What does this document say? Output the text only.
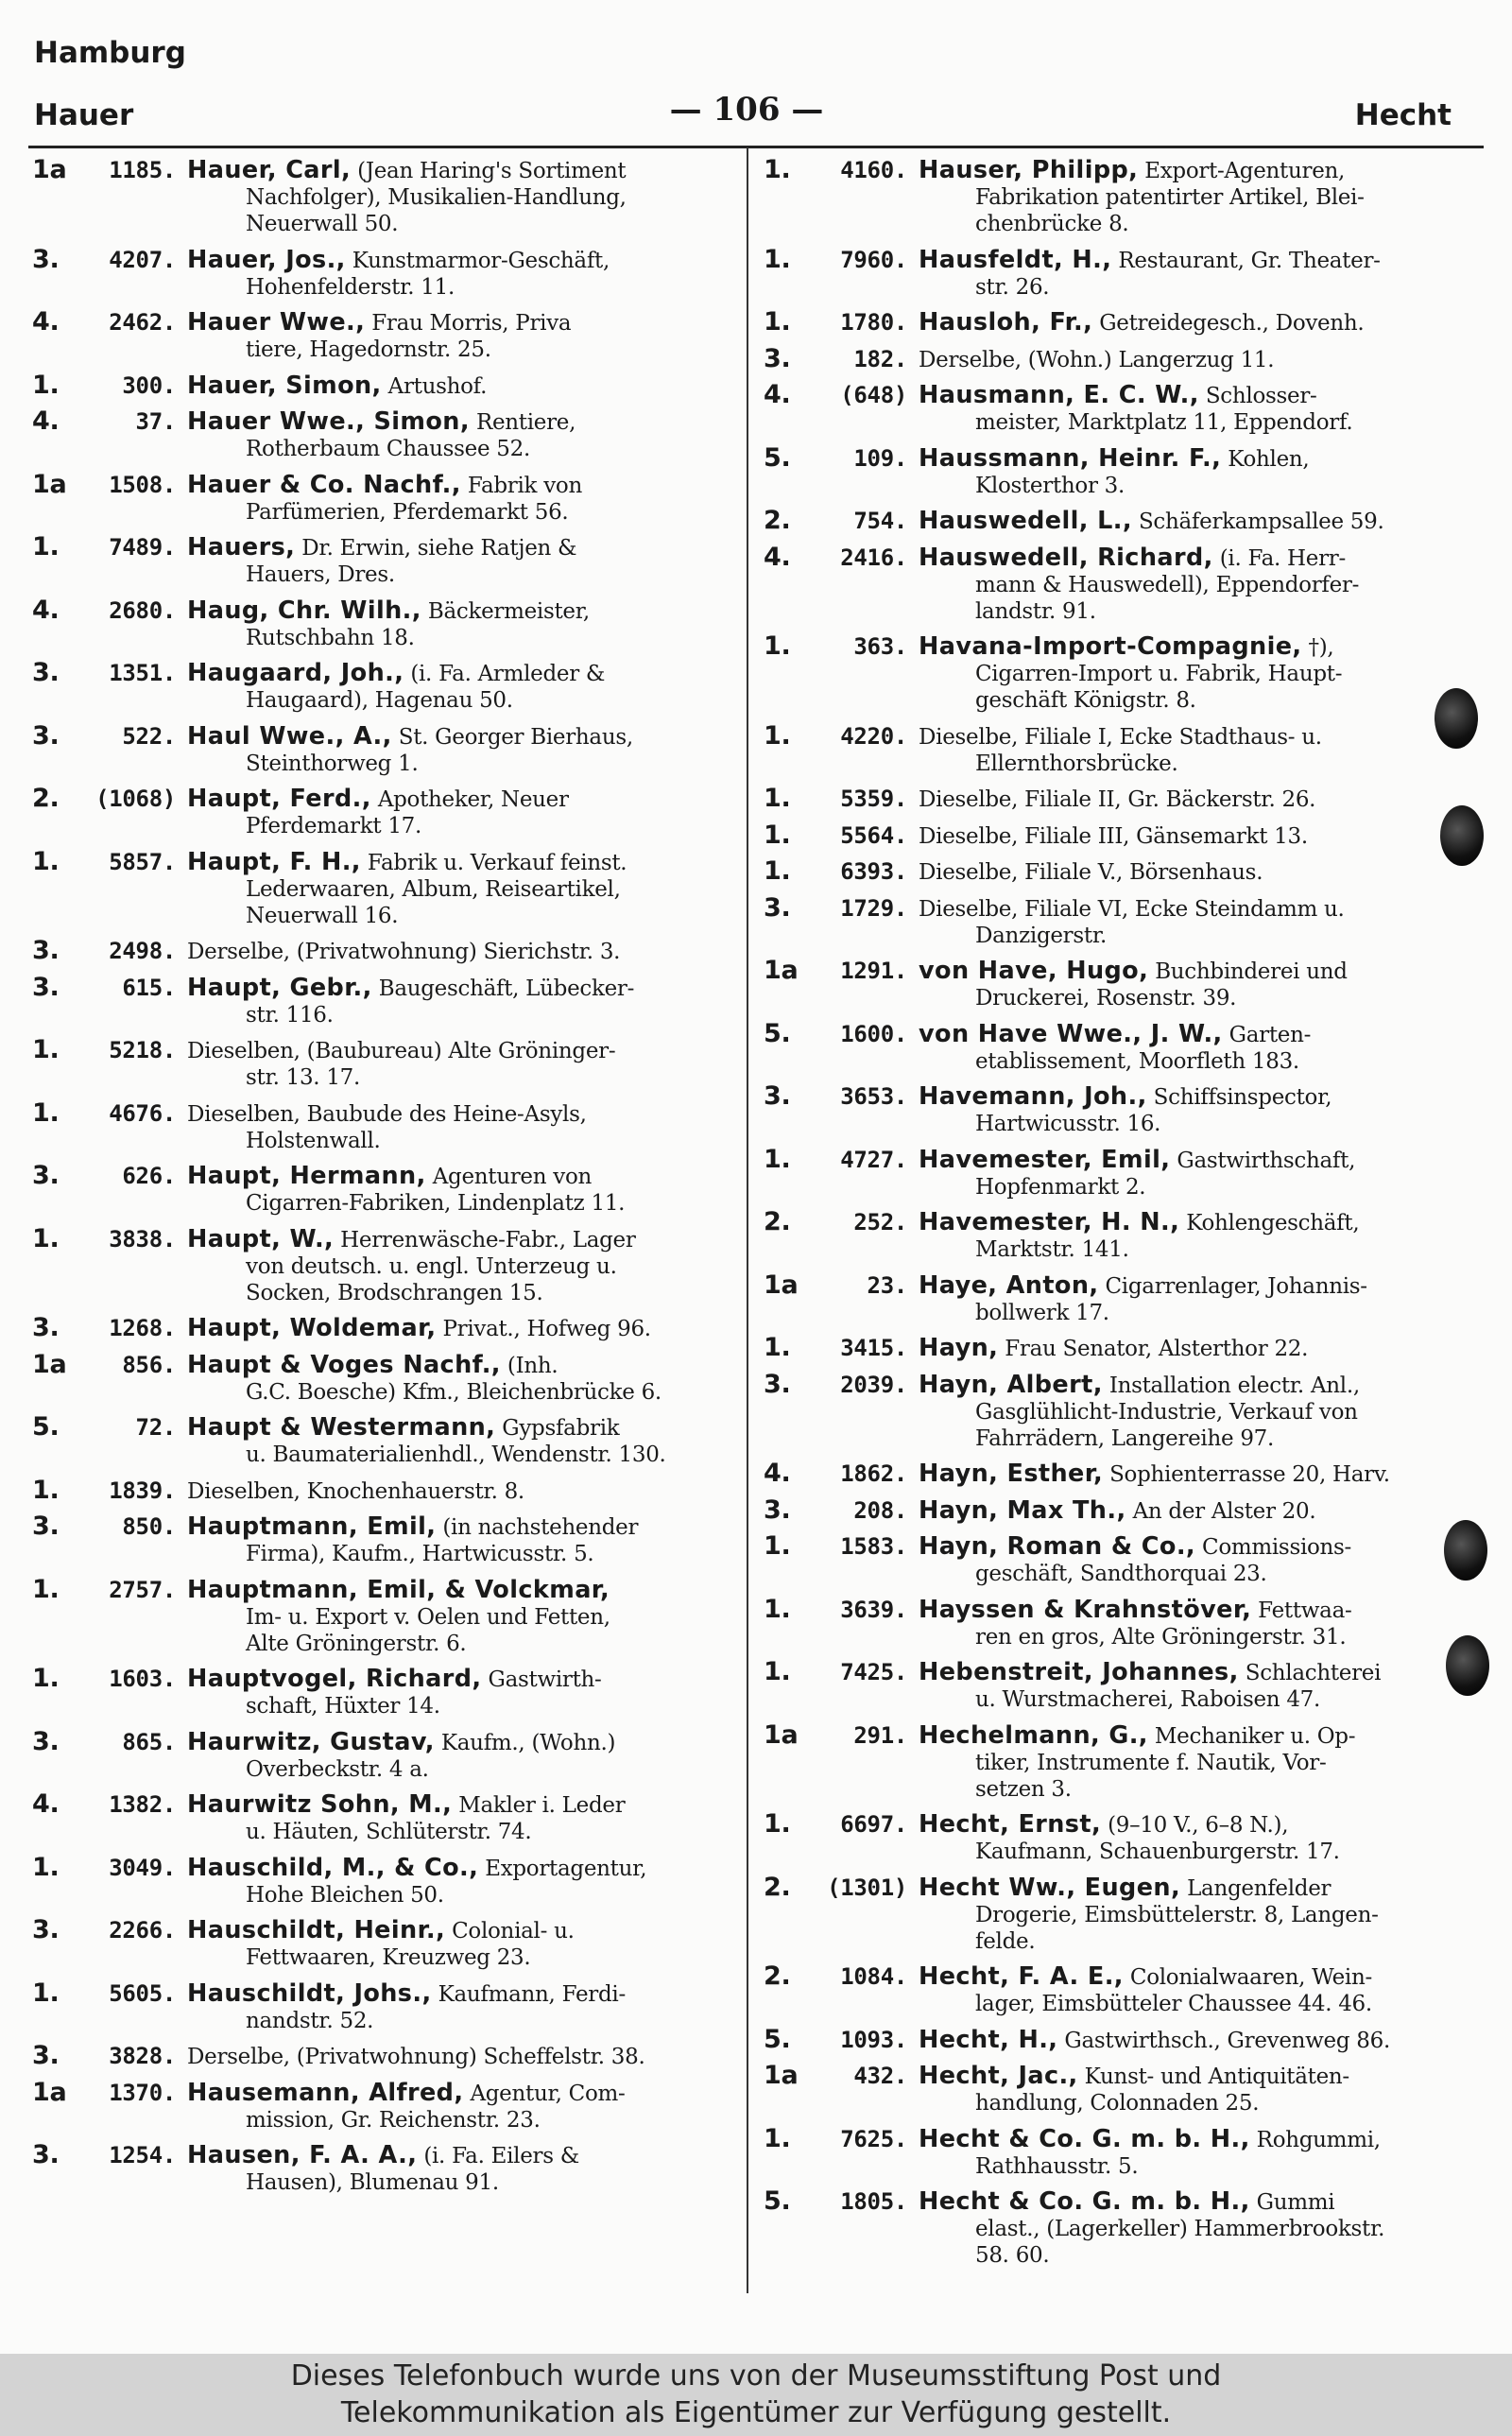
Hamburg
Hauer	— 106 —	Hecht
1a	1185. Hauer, Carl, (Jean Haring's Sortiment
Nachfolger), Musikalien-Handlung,
Neuerwall 50.
3.	4207. Hauer, Jos., Kunstmarmor-Geschäft,
Hohenfelderstr. 11.
4.	2462. Hauer Wwe., Frau Morris, Priva
tiere, Hagedornstr. 25.
1.	300. Hauer, Simon, Artushof.
4.	37. Hauer Wwe., Simon, Rentiere,
Rotherbaum Chaussee 52.
1a	1508. Hauer & Co. Nachf., Fabrik von
Parfümerien, Pferdemarkt 56.
1.	7489. Hauers, Dr. Erwin, siehe Ratjen &
Hauers, Dres.
4.	2680. Haug, Chr. Wilh., Bäckermeister,
Rutschbahn 18.
3.	1351. Haugaard, Joh., (i. Fa. Armleder &
Haugaard), Hagenau 50.
3.	522. Haul Wwe., A., St. Georger Bierhaus,
Steinthorweg 1.
2.	(1068) Haupt, Ferd., Apotheker, Neuer
Pferdemarkt 17.
1.	5857. Haupt, F. H., Fabrik u. Verkauf feinst.
Lederwaaren, Album, Reiseartikel,
Neuerwall 16.
3.	2498. Derselbe, (Privatwohnung) Sierichstr. 3.
3.	615. Haupt, Gebr., Baugeschäft, Lübecker-
str. 116.
1.	5218. Dieselben, (Baubureau) Alte Gröninger-
str. 13. 17.
1.	4676. Dieselben, Baubude des Heine-Asyls,
Holstenwall.
3.	626. Haupt, Hermann, Agenturen von
Cigarren-Fabriken, Lindenplatz 11.
1.	3838. Haupt, W., Herrenwäsche-Fabr., Lager
von deutsch. u. engl. Unterzeug u.
Socken, Brodschrangen 15.
3.	1268. Haupt, Woldemar, Privat., Hofweg 96.
1a	856. Haupt & Voges Nachf., (Inh.
G.C. Boesche) Kfm., Bleichenbrücke 6.
5.	72. Haupt & Westermann, Gypsfabrik
u. Baumaterialienhdl., Wendenstr. 130.
1.	1839. Dieselben, Knochenhauerstr. 8.
3.	850. Hauptmann, Emil, (in nachstehender
Firma), Kaufm., Hartwicusstr. 5.
1.	2757. Hauptmann, Emil, & Volckmar,
Im- u. Export v. Oelen und Fetten,
Alte Gröningerstr. 6.
1.	1603. Hauptvogel, Richard, Gastwirth-
schaft, Hüxter 14.
3.	865. Haurwitz, Gustav, Kaufm., (Wohn.)
Overbeckstr. 4 a.
4.	1382. Haurwitz Sohn, M., Makler i. Leder
u. Häuten, Schlüterstr. 74.
1.	3049. Hauschild, M., & Co., Exportagentur,
Hohe Bleichen 50.
3.	2266. Hauschildt, Heinr., Colonial- u.
Fettwaaren, Kreuzweg 23.
1.	5605. Hauschildt, Johs., Kaufmann, Ferdi-
nandstr. 52.
3.	3828. Derselbe, (Privatwohnung) Scheffelstr. 38.
1a	1370. Hausemann, Alfred, Agentur, Com-
mission, Gr. Reichenstr. 23.
3.	1254. Hausen, F. A. A., (i. Fa. Eilers &
Hausen), Blumenau 91.
1.	4160. Hauser, Philipp, Export-Agenturen,
Fabrikation patentirter Artikel, Blei-
chenbrücke 8.
1.	7960. Hausfeldt, H., Restaurant, Gr. Theater-
str. 26.
1.	1780. Hausloh, Fr., Getreidegesch., Dovenh.
3.	182. Derselbe, (Wohn.) Langerzug 11.
4.	(648) Hausmann, E. C. W., Schlosser-
meister, Marktplatz 11, Eppendorf.
5.	109. Haussmann, Heinr. F., Kohlen,
Klosterthor 3.
2.	754. Hauswedell, L., Schäferkampsallee 59.
4.	2416. Hauswedell, Richard, (i. Fa. Herr-
mann & Hauswedell), Eppendorfer-
landstr. 91.
1.	363. Havana-Import-Compagnie, †),
Cigarren-Import u. Fabrik, Haupt-
geschäft Königstr. 8.
1.	4220. Dieselbe, Filiale I, Ecke Stadthaus- u.
Ellernthorsbrücke.
1.	5359. Dieselbe, Filiale II, Gr. Bäckerstr. 26.
1.	5564. Dieselbe, Filiale III, Gänsemarkt 13.
1.	6393. Dieselbe, Filiale V., Börsenhaus.
3.	1729. Dieselbe, Filiale VI, Ecke Steindamm u.
Danzigerstr.
1a	1291. von Have, Hugo, Buchbinderei und
Druckerei, Rosenstr. 39.
5.	1600. von Have Wwe., J. W., Garten-
etablissement, Moorfleth 183.
3.	3653. Havemann, Joh., Schiffsinspector,
Hartwicusstr. 16.
1.	4727. Havemester, Emil, Gastwirthschaft,
Hopfenmarkt 2.
2.	252. Havemester, H. N., Kohlengeschäft,
Marktstr. 141.
1a	23. Haye, Anton, Cigarrenlager, Johannis-
bollwerk 17.
1.	3415. Hayn, Frau Senator, Alsterthor 22.
3.	2039. Hayn, Albert, Installation electr. Anl.,
Gasglühlicht-Industrie, Verkauf von
Fahrrädern, Langereihe 97.
4.	1862. Hayn, Esther, Sophienterrasse 20, Harv.
3.	208. Hayn, Max Th., An der Alster 20.
1.	1583. Hayn, Roman & Co., Commissions-
geschäft, Sandthorquai 23.
1.	3639. Hayssen & Krahnstöver, Fettwaa-
ren en gros, Alte Gröningerstr. 31.
1.	7425. Hebenstreit, Johannes, Schlachterei
u. Wurstmacherei, Raboisen 47.
1a	291. Hechelmann, G., Mechaniker u. Op-
tiker, Instrumente f. Nautik, Vor-
setzen 3.
1.	6697. Hecht, Ernst, (9–10 V., 6–8 N.),
Kaufmann, Schauenburgerstr. 17.
2.	(1301) Hecht Ww., Eugen, Langenfelder
Drogerie, Eimsbüttelerstr. 8, Langen-
felde.
2.	1084. Hecht, F. A. E., Colonialwaaren, Wein-
lager, Eimsbütteler Chaussee 44. 46.
5.	1093. Hecht, H., Gastwirthsch., Grevenweg 86.
1a	432. Hecht, Jac., Kunst- und Antiquitäten-
handlung, Colonnaden 25.
1.	7625. Hecht & Co. G. m. b. H., Rohgummi,
Rathhausstr. 5.
5.	1805. Hecht & Co. G. m. b. H., Gummi
elast., (Lagerkeller) Hammerbrookstr.
58. 60.
Dieses Telefonbuch wurde uns von der Museumsstiftung Post und
Telekommunikation als Eigentümer zur Verfügung gestellt.
